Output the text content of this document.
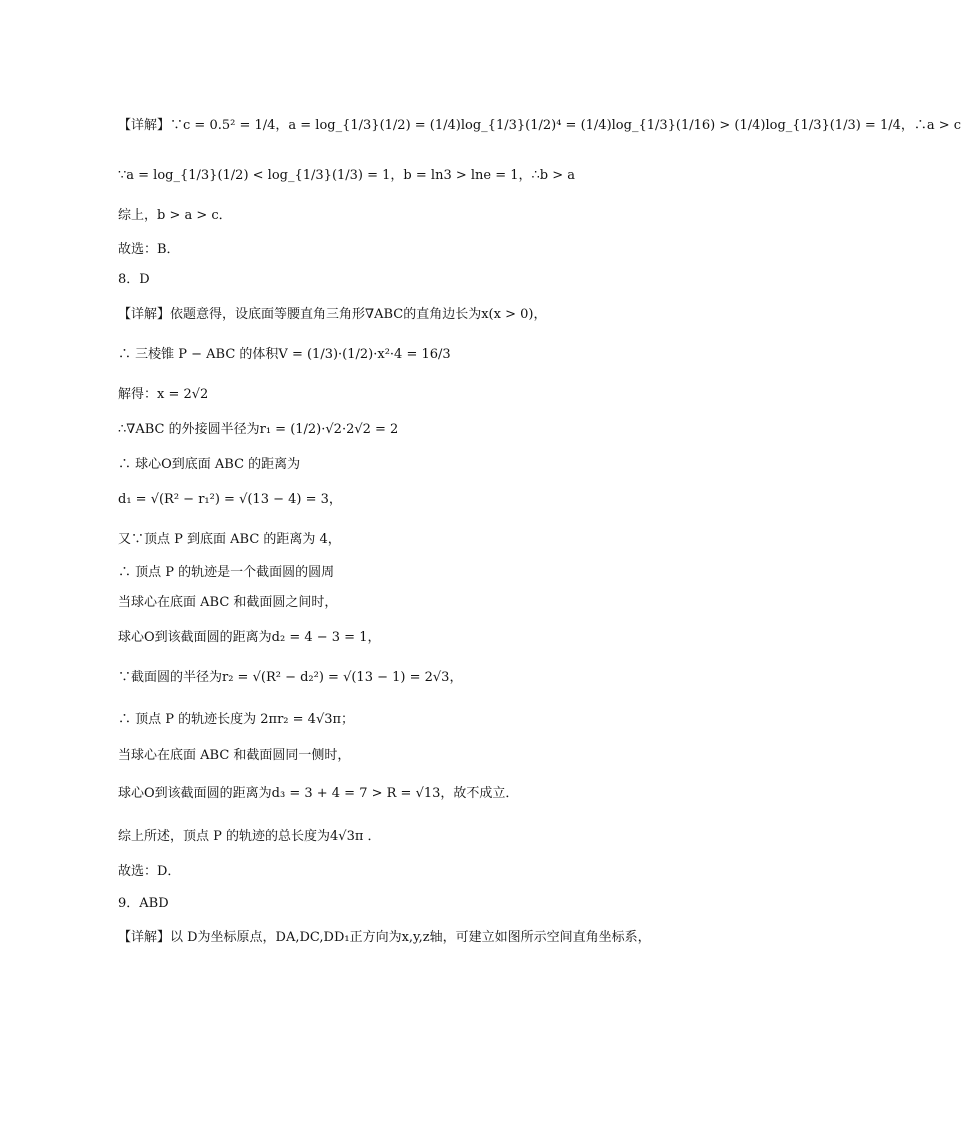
【详解】∵c = 0.5² = 1/4，a = log_{1/3}(1/2) = (1/4)log_{1/3}(1/2)⁴ = (1/4)log_{1/3}(1/16) > (1/4)log_{1/3}(1/3) = 1/4，∴a > c
∵a = log_{1/3}(1/2) < log_{1/3}(1/3) = 1，b = ln3 > lne = 1，∴b > a
综上，b > a > c．
故选：B．
8．D
【详解】依题意得，设底面等腰直角三角形∇ABC的直角边长为x(x > 0)，
∴ 三棱锥 P − ABC 的体积V = (1/3)·(1/2)·x²·4 = 16/3
解得：x = 2√2
∴∇ABC 的外接圆半径为r₁ = (1/2)·√2·2√2 = 2
∴ 球心O到底面 ABC 的距离为
d₁ = √(R² − r₁²) = √(13 − 4) = 3，
又∵顶点 P 到底面 ABC 的距离为 4，
∴ 顶点 P 的轨迹是一个截面圆的圆周
当球心在底面 ABC 和截面圆之间时，
球心O到该截面圆的距离为d₂ = 4 − 3 = 1，
∵截面圆的半径为r₂ = √(R² − d₂²) = √(13 − 1) = 2√3，
∴ 顶点 P 的轨迹长度为 2πr₂ = 4√3π；
当球心在底面 ABC 和截面圆同一侧时，
球心O到该截面圆的距离为d₃ = 3 + 4 = 7 > R = √13，故不成立．
综上所述，顶点 P 的轨迹的总长度为4√3π ．
故选：D．
9．ABD
【详解】以 D为坐标原点，DA,DC,DD₁正方向为x,y,z轴，可建立如图所示空间直角坐标系，
